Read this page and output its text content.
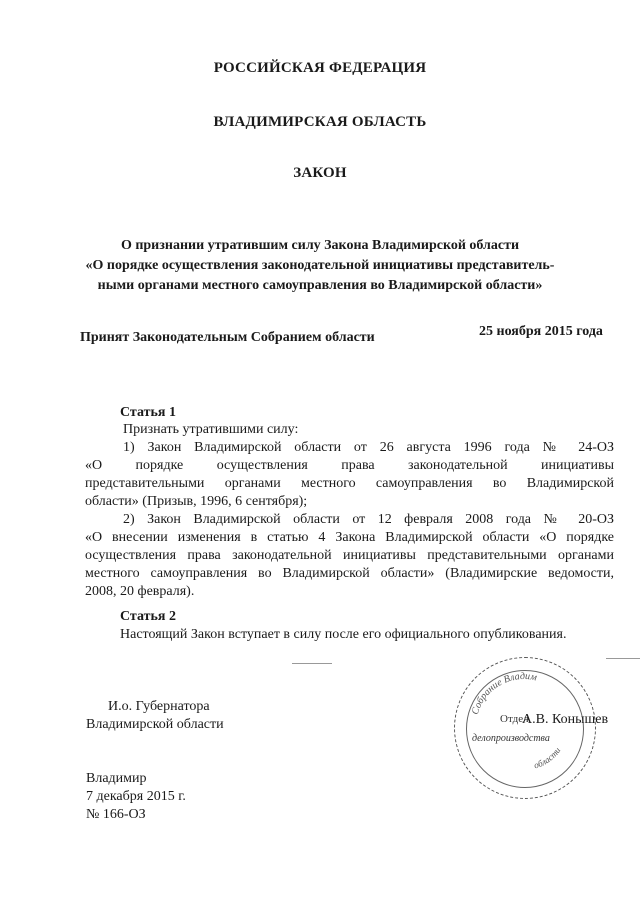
РОССИЙСКАЯ ФЕДЕРАЦИЯ
ВЛАДИМИРСКАЯ ОБЛАСТЬ
ЗАКОН
О признании утратившим силу Закона Владимирской области
«О порядке осуществления законодательной инициативы представитель-
ными органами местного самоуправления во Владимирской области»
Принят Законодательным Собранием области	25 ноября 2015 года
Статья 1
Признать утратившими силу:
1) Закон Владимирской области от 26 августа 1996 года № 24-ОЗ
«О порядке осуществления права законодательной инициативы
представительными органами местного самоуправления во Владимирской
области» (Призыв, 1996, 6 сентября);
2) Закон Владимирской области от 12 февраля 2008 года № 20-ОЗ
«О внесении изменения в статью 4 Закона Владимирской области «О порядке
осуществления права законодательной инициативы представительными органами
местного самоуправления во Владимирской области» (Владимирские ведомости,
2008, 20 февраля).
Статья 2
Настоящий Закон вступает в силу после его официального опубликования.
И.о. Губернатора
Владимирской области
Собрание Владим
области
Отдел
делопроизводства
А.В. Конышев
Владимир
7 декабря 2015 г.
№ 166-ОЗ
